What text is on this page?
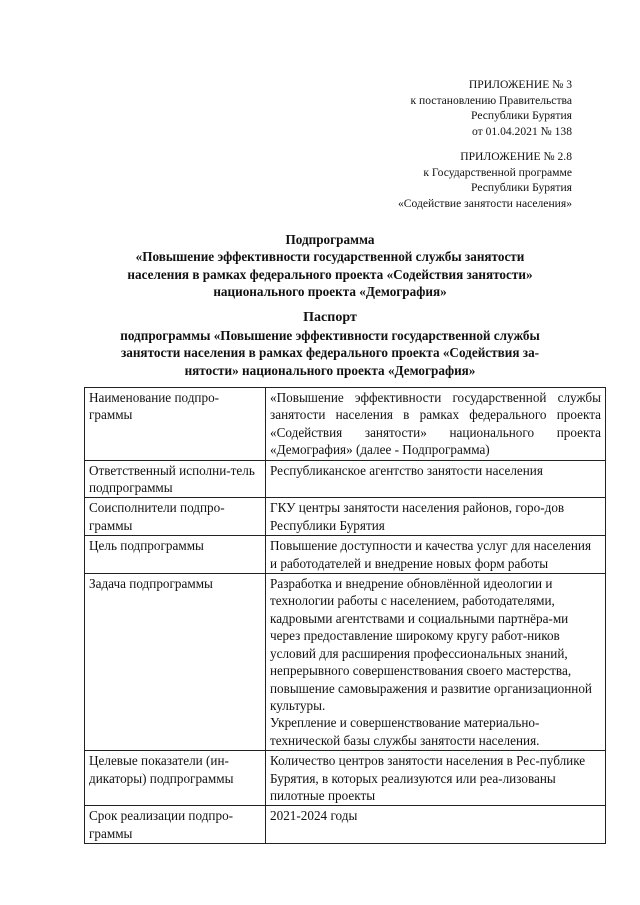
ПРИЛОЖЕНИЕ № 3
к постановлению Правительства
Республики Бурятия
от 01.04.2021 № 138
ПРИЛОЖЕНИЕ № 2.8
к Государственной программе
Республики Бурятия
«Содействие занятости населения»
Подпрограмма
«Повышение эффективности государственной службы занятости
населения в рамках федерального проекта «Содействия занятости»
национального проекта «Демография»
Паспорт
подпрограммы «Повышение эффективности государственной службы
занятости населения в рамках федерального проекта «Содействия за-
нятости» национального проекта «Демография»
Наименование подпро-граммы	«Повышение эффективности государственной службы занятости населения в рамках федерального проекта «Содействия занятости» национального проекта «Демография» (далее - Подпрограмма)
Ответственный исполни-тель подпрограммы	Республиканское агентство занятости населения
Соисполнители подпро-граммы	ГКУ центры занятости населения районов, горо-дов Республики Бурятия
Цель подпрограммы	Повышение доступности и качества услуг для населения и работодателей и внедрение новых форм работы
Задача подпрограммы	Разработка и внедрение обновлённой идеологии и технологии работы с населением, работодателями, кадровыми агентствами и социальными партнёра-ми через предоставление широкому кругу работ-ников условий для расширения профессиональных знаний, непрерывного совершенствования своего мастерства, повышение самовыражения и развитие организационной культуры.
Укрепление и совершенствование материально-технической базы службы занятости населения.

Целевые показатели (ин-дикаторы) подпрограммы	Количество центров занятости населения в Рес-публике Бурятия, в которых реализуются или реа-лизованы пилотные проекты
Срок реализации подпро-граммы	2021-2024 годы
